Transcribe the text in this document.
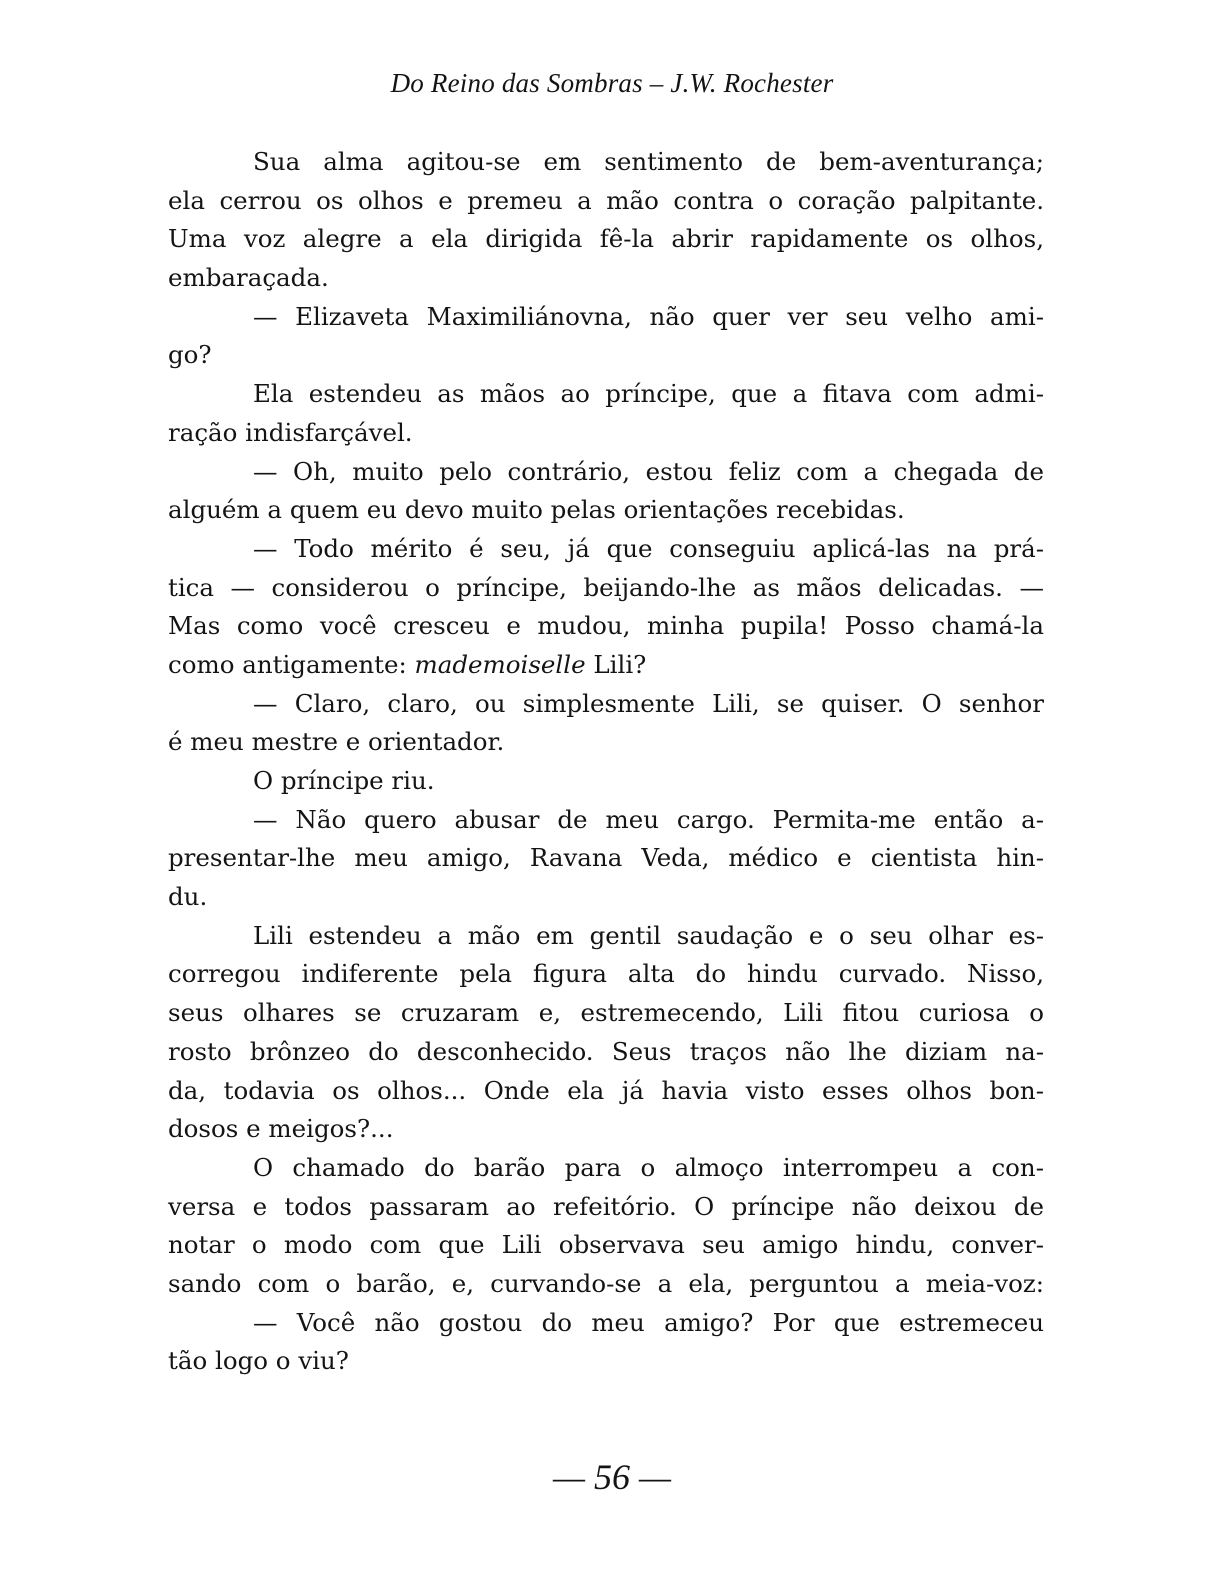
Do Reino das Sombras – J.W. Rochester
Sua alma agitou-se em sentimento de bem-aventurança;
ela cerrou os olhos e premeu a mão contra o coração palpitante.
Uma voz alegre a ela dirigida fê-la abrir rapidamente os olhos,
embaraçada.
— Elizaveta Maximiliánovna, não quer ver seu velho ami-
go?
Ela estendeu as mãos ao príncipe, que a fitava com admi-
ração indisfarçável.
— Oh, muito pelo contrário, estou feliz com a chegada de
alguém a quem eu devo muito pelas orientações recebidas.
— Todo mérito é seu, já que conseguiu aplicá-las na prá-
tica — considerou o príncipe, beijando-lhe as mãos delicadas. —
Mas como você cresceu e mudou, minha pupila! Posso chamá-la
como antigamente: mademoiselle Lili?
— Claro, claro, ou simplesmente Lili, se quiser. O senhor
é meu mestre e orientador.
O príncipe riu.
— Não quero abusar de meu cargo. Permita-me então a-
presentar-lhe meu amigo, Ravana Veda, médico e cientista hin-
du.
Lili estendeu a mão em gentil saudação e o seu olhar es-
corregou indiferente pela figura alta do hindu curvado. Nisso,
seus olhares se cruzaram e, estremecendo, Lili fitou curiosa o
rosto brônzeo do desconhecido. Seus traços não lhe diziam na-
da, todavia os olhos... Onde ela já havia visto esses olhos bon-
dosos e meigos?...
O chamado do barão para o almoço interrompeu a con-
versa e todos passaram ao refeitório. O príncipe não deixou de
notar o modo com que Lili observava seu amigo hindu, conver-
sando com o barão, e, curvando-se a ela, perguntou a meia-voz:
— Você não gostou do meu amigo? Por que estremeceu
tão logo o viu?
— 56 —
